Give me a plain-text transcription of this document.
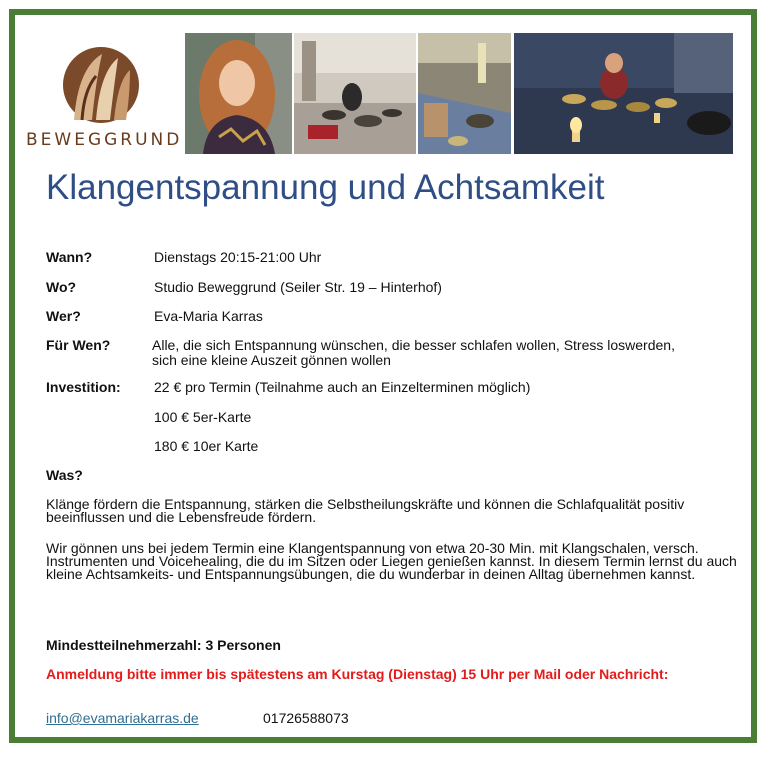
BEWEGGRUND
Klangentspannung und Achtsamkeit
Wann?	Dienstags 20:15-21:00 Uhr
Wo?	Studio Beweggrund (Seiler Str. 19 – Hinterhof)
Wer?	Eva-Maria Karras
Für Wen?	Alle, die sich Entspannung wünschen, die besser schlafen wollen, Stress loswerden, sich eine kleine Auszeit gönnen wollen
Investition: 22 € pro Termin (Teilnahme auch an Einzelterminen möglich)
100 € 5er-Karte
180 € 10er Karte
Was?
Klänge fördern die Entspannung, stärken die Selbstheilungskräfte und können die Schlafqualität positiv beeinflussen und die Lebensfreude fördern.
Wir gönnen uns bei jedem Termin eine Klangentspannung von etwa 20-30 Min. mit Klangschalen, versch. Instrumenten und Voicehealing, die du im Sitzen oder Liegen genießen kannst. In diesem Termin lernst du auch kleine Achtsamkeits- und Entspannungsübungen, die du wunderbar in deinen Alltag übernehmen kannst.
Mindestteilnehmerzahl: 3 Personen
Anmeldung bitte immer bis spätestens am Kurstag (Dienstag) 15 Uhr per Mail oder Nachricht:
info@evamariakarras.de	01726588073
